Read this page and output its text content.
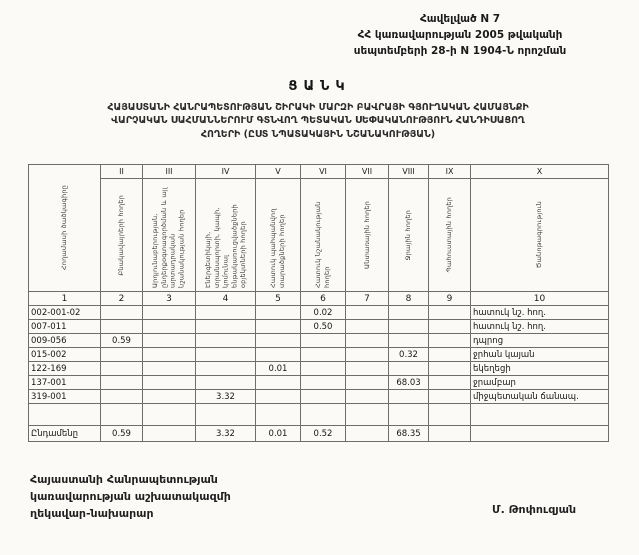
Հավելված N 7
ՀՀ կառավարության 2005 թվականի
սեպտեմբերի 28-ի N 1904-Ն որոշման
ՑԱՆԿ
ՀԱՅԱՍՏԱՆԻ ՀԱՆՐԱՊԵՏՈՒԹՅԱՆ ՇԻՐԱԿԻ ՄԱՐԶԻ ԲԱՎՐԱՅԻ ԳՅՈՒՂԱԿԱՆ ՀԱՄԱՅՆՔԻ
ՎԱՐՉԱԿԱՆ ՍԱՀՄԱՆՆԵՐՈՒՄ ԳՏՆՎՈՂ ՊԵՏԱԿԱՆ ՍԵՓԱԿԱՆՈՒԹՅՈՒՆ ՀԱՆԴԻՍԱՑՈՂ
ՀՈՂԵՐԻ (ԸՍՏ ՆՊԱՏԱԿԱՅԻՆ ՆՇԱՆԱԿՈՒԹՅԱՆ)
Հողամասի ծածկագիրը	II	III	IV	V	VI	VII	VIII	IX	X

	Բնակավայրերի հողեր	Արդյունաբերության, ընդերքօգտագործման և այլ արտադրական նշանակության հողեր	Էներգետիկայի, տրանսպորտի, կապի, կոմունալ ենթակառուցվածքների օբյեկտների հողեր	Հատուկ պահպանվող տարածքների հողեր	Հատուկ նշանակության հողեր	Անտառային հողեր	Ջրային հողեր	Պահուստային հողեր	Ծանոթագրություն

1	2	3	4	5	6	7	8	9	10
002-001-02					0.02				հատուկ նշ. հող.
007-011					0.50				հատուկ նշ. հող.
009-056	0.59								դպրոց
015-002							0.32		ջրհան կայան
122-169				0.01					եկեղեցի
137-001							68.03		ջրամբար
319-001			3.32						միջպետական ճանապ.

Ընդամենը	0.59		3.32	0.01	0.52		68.35		
Հայաստանի Հանրապետության
կառավարության աշխատակազմի
ղեկավար-նախարար	Մ. Թոփուզյան
